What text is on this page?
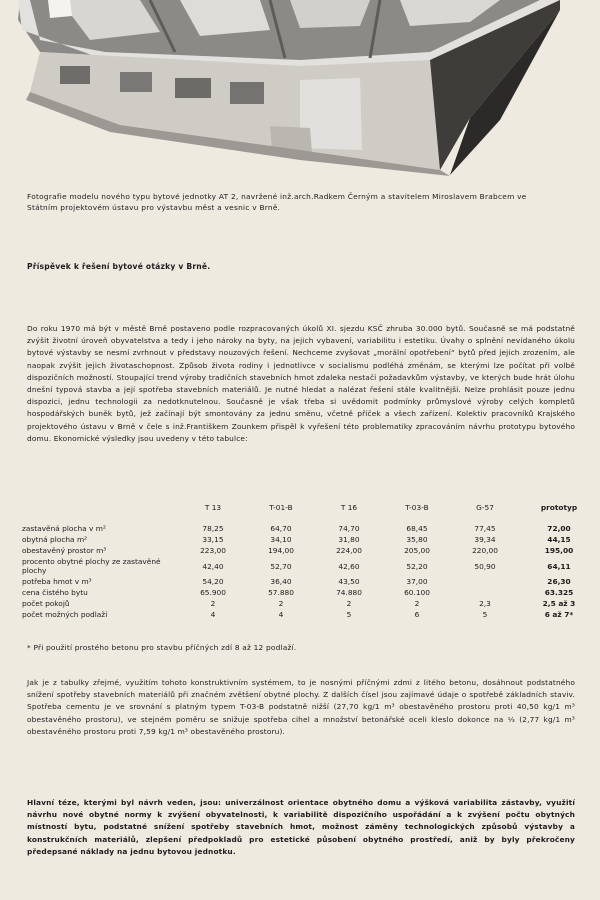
Fotografie modelu nového typu bytové jednotky AT 2, navržené inž.arch.Radkem Černým a stavitelem Miroslavem Brabcem ve Státním projektovém ústavu pro výstavbu měst a vesnic v Brně.
Příspěvek k řešení bytové otázky v Brně.
Do roku 1970 má být v městě Brně postaveno podle rozpracovaných úkolů XI. sjezdu KSČ zhruba 30.000 bytů. Současně se má podstatně zvýšit životní úroveň obyvatelstva a tedy i jeho nároky na byty, na jejich vybavení, variabilitu i estetiku. Úvahy o splnění nevídaného úkolu bytové výstavby se nesmí zvrhnout v představy nouzových řešení. Nechceme zvyšovat „morální opotřebení“ bytů před jejich zrozením, ale naopak zvýšit jejich životaschopnost. Způsob života rodiny i jednotlivce v socialismu podléhá změnám, se kterými lze počítat při volbě dispozičních možností. Stoupající trend výroby tradičních stavebních hmot zdaleka nestačí požadavkům výstavby, ve kterých bude hrát úlohu dnešní typová stavba a její spotřeba stavebních materiálů. Je nutné hledat a nalézat řešení stále kvalitnější. Nelze prohlásit pouze jednu dispozici, jednu technologii za nedotknutelnou. Současně je však třeba si uvědomit podmínky průmyslové výroby celých kompletů hospodářských buněk bytů, jež začínají být smontovány za jednu směnu, včetně příček a všech zařízení. Kolektiv pracovníků Krajského projektového ústavu v Brně v čele s inž.Františkem Zounkem přispěl k vyřešení této problematiky zpracováním návrhu prototypu bytového domu. Ekonomické výsledky jsou uvedeny v této tabulce:
	T 13	T-01-B	T 16	T-03-B	G-57	prototyp

zastavěná plocha v m²	78,25	64,70	74,70	68,45	77,45	72,00
obytná plocha m²	33,15	34,10	31,80	35,80	39,34	44,15
obestavěný prostor m³	223,00	194,00	224,00	205,00	220,00	195,00
procento obytné plochy ze zastavěné plochy	42,40	52,70	42,60	52,20	50,90	64,11
potřeba hmot v m³	54,20	36,40	43,50	37,00		26,30
cena čistého bytu	65.900	57.880	74.880	60.100		63.325
počet pokojů	2	2	2	2	2,3	2,5 až 3
počet možných podlaží	4	4	5	6	5	6 až 7*
* Při použití prostého betonu pro stavbu příčných zdí 8 až 12 podlaží.
Jak je z tabulky zřejmé, využitím tohoto konstruktivním systémem, to je nosnými příčnými zdmi z litého betonu, dosáhnout podstatného snížení spotřeby stavebních materiálů při značném zvětšení obytné plochy. Z dalších čísel jsou zajímavé údaje o spotřebě základních staviv. Spotřeba cementu je ve srovnání s platným typem T-03-B podstatně nižší (27,70 kg/1 m³ obestavěného prostoru proti 40,50 kg/1 m³ obestavěného prostoru), ve stejném poměru se snižuje spotřeba cihel a množství betonářské oceli kleslo dokonce na ⅓ (2,77 kg/1 m³ obestavěného prostoru proti 7,59 kg/1 m³ obestavěného prostoru).
Hlavní téze, kterými byl návrh veden, jsou: univerzálnost orientace obytného domu a výšková variabilita zástavby, využití návrhu nové obytné normy k zvýšení obyvatelnosti, k variabilitě dispozičního uspořádání a k zvýšení počtu obytných místností bytu, podstatné snížení spotřeby stavebních hmot, možnost záměny technologických způsobů výstavby a konstrukčních materiálů, zlepšení předpokladů pro estetické působení obytného prostředí, aniž by byly překročeny předepsané náklady na jednu bytovou jednotku.
